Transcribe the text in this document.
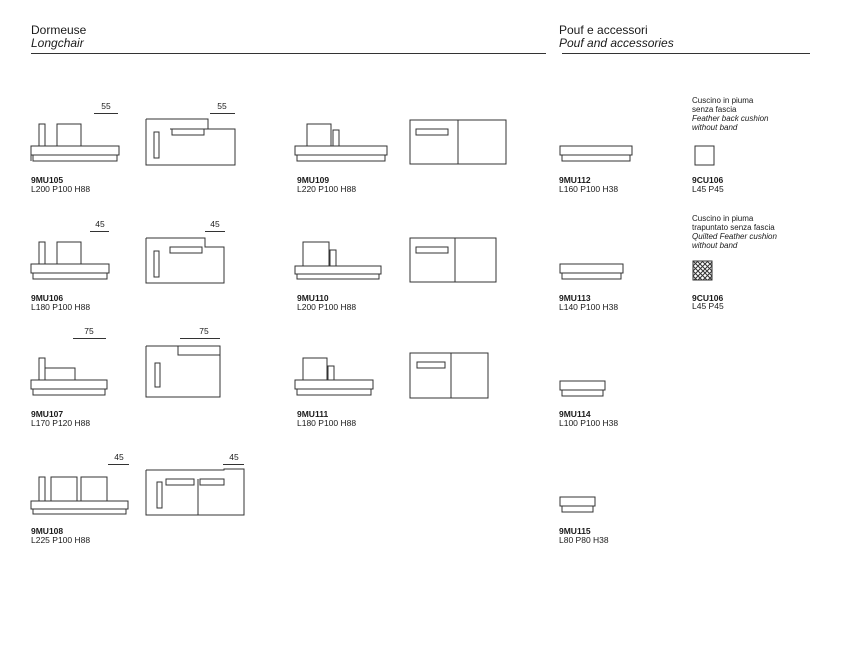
Dormeuse
Longchair
Pouf e accessori
Pouf and accessories
55	55
9MU105
L200 P100 H88
45	45
9MU106
L180 P100 H88
75	75
9MU107
L170 P120 H88
45	45
9MU108
L225 P100 H88
9MU109
L220 P100 H88
9MU110
L200 P100 H88
9MU111
L180 P100 H88
9MU112
L160 P100 H38
9MU113
L140 P100 H38
9MU114
L100 P100 H38
9MU115
L80 P80 H38
Cuscino in piuma
senza fascia
Feather back cushion
without band
9CU106
L45 P45
Cuscino in piuma
trapuntato senza fascia
Quilted Feather cushion
without band
9CU106
L45 P45
